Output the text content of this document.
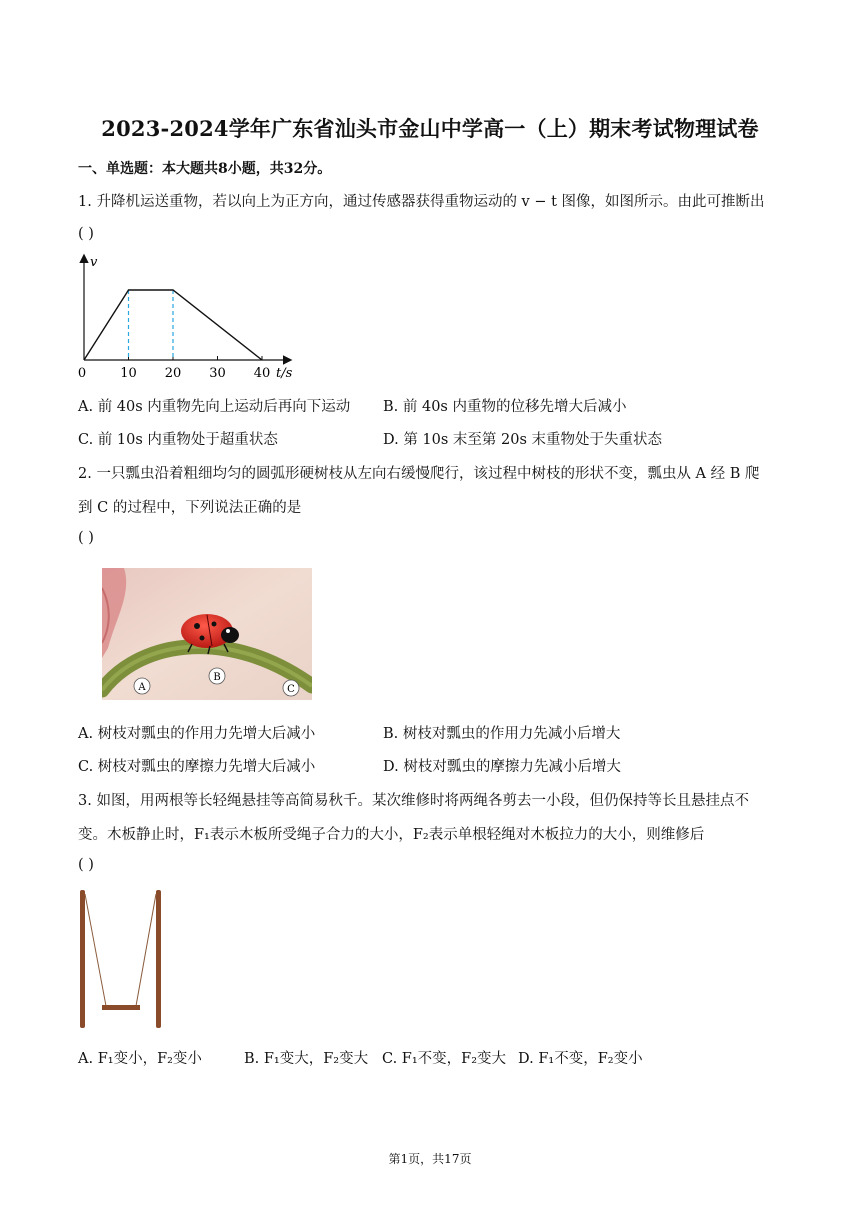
2023-2024学年广东省汕头市金山中学高一（上）期末考试物理试卷
一、单选题：本大题共8小题，共32分。
1. 升降机运送重物，若以向上为正方向，通过传感器获得重物运动的 v − t 图像，如图所示。由此可推断出
( )
v
t/s
0	10 20 30 40
A. 前 40s 内重物先向上运动后再向下运动 B. 前 40s 内重物的位移先增大后减小
C. 前 10s 内重物处于超重状态	D. 第 10s 末至第 20s 末重物处于失重状态
2. 一只瓢虫沿着粗细均匀的圆弧形硬树枝从左向右缓慢爬行，该过程中树枝的形状不变，瓢虫从 A 经 B 爬
到 C 的过程中，下列说法正确的是
( )
A
B
C
A. 树枝对瓢虫的作用力先增大后减小	B. 树枝对瓢虫的作用力先减小后增大
C. 树枝对瓢虫的摩擦力先增大后减小	D. 树枝对瓢虫的摩擦力先减小后增大
3. 如图，用两根等长轻绳悬挂等高简易秋千。某次维修时将两绳各剪去一小段，但仍保持等长且悬挂点不
变。木板静止时，F₁表示木板所受绳子合力的大小，F₂表示单根轻绳对木板拉力的大小，则维修后
( )
A. F₁变小，F₂变小	B. F₁变大，F₂变大 C. F₁不变，F₂变大 D. F₁不变，F₂变小
第1页，共17页
